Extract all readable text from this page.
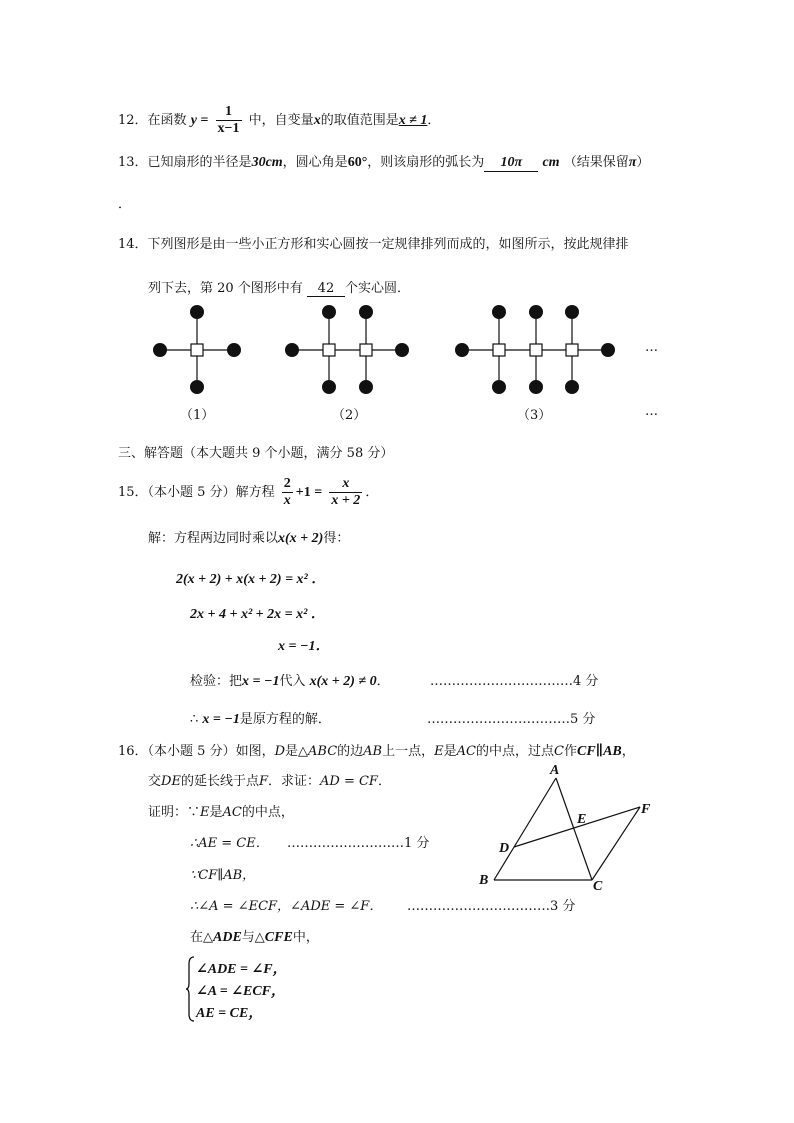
12．在函数 $y = \frac{1}{x-1}$ 中，自变量x的取值范围是x ≠ 1．
13．已知扇形的半径是30cm，圆心角是60°，则该扇形的弧长为 10π cm （结果保留π）
．
14．下列图形是由一些小正方形和实心圆按一定规律排列而成的，如图所示，按此规律排
列下去，第 20 个图形中有 42 个实心圆．
…
（1）	（2）	（3）	…
三、解答题（本大题共 9 个小题，满分 58 分）
15．（本小题 5 分）解方程 $\frac{2}{x} +1 = \frac{x}{x + 2}$ ．
解：方程两边同时乘以x(x + 2)得：
2(x + 2) + x(x + 2) = x² ．
2x + 4 + x² + 2x = x² ．
x = −1．
检验：把x = −1代入 x(x + 2) ≠ 0．	……………………………4 分
∴ x = −1是原方程的解．	……………………………5 分
16．（本小题 5 分）如图，D是△ABC的边AB上一点，E是AC的中点，过点C作CF∥AB，
交DE的延长线于点F．求证：AD = CF．
证明：∵E是AC的中点，
∴AE = CE． ………………………1 分
∵CF∥AB，
∴∠A = ∠ECF，∠ADE = ∠F． ……………………………3 分
在△ADE与△CFE中，
∠ADE = ∠F，
∠A = ∠ECF，
AE = CE，
A
B	C
D
E
F
